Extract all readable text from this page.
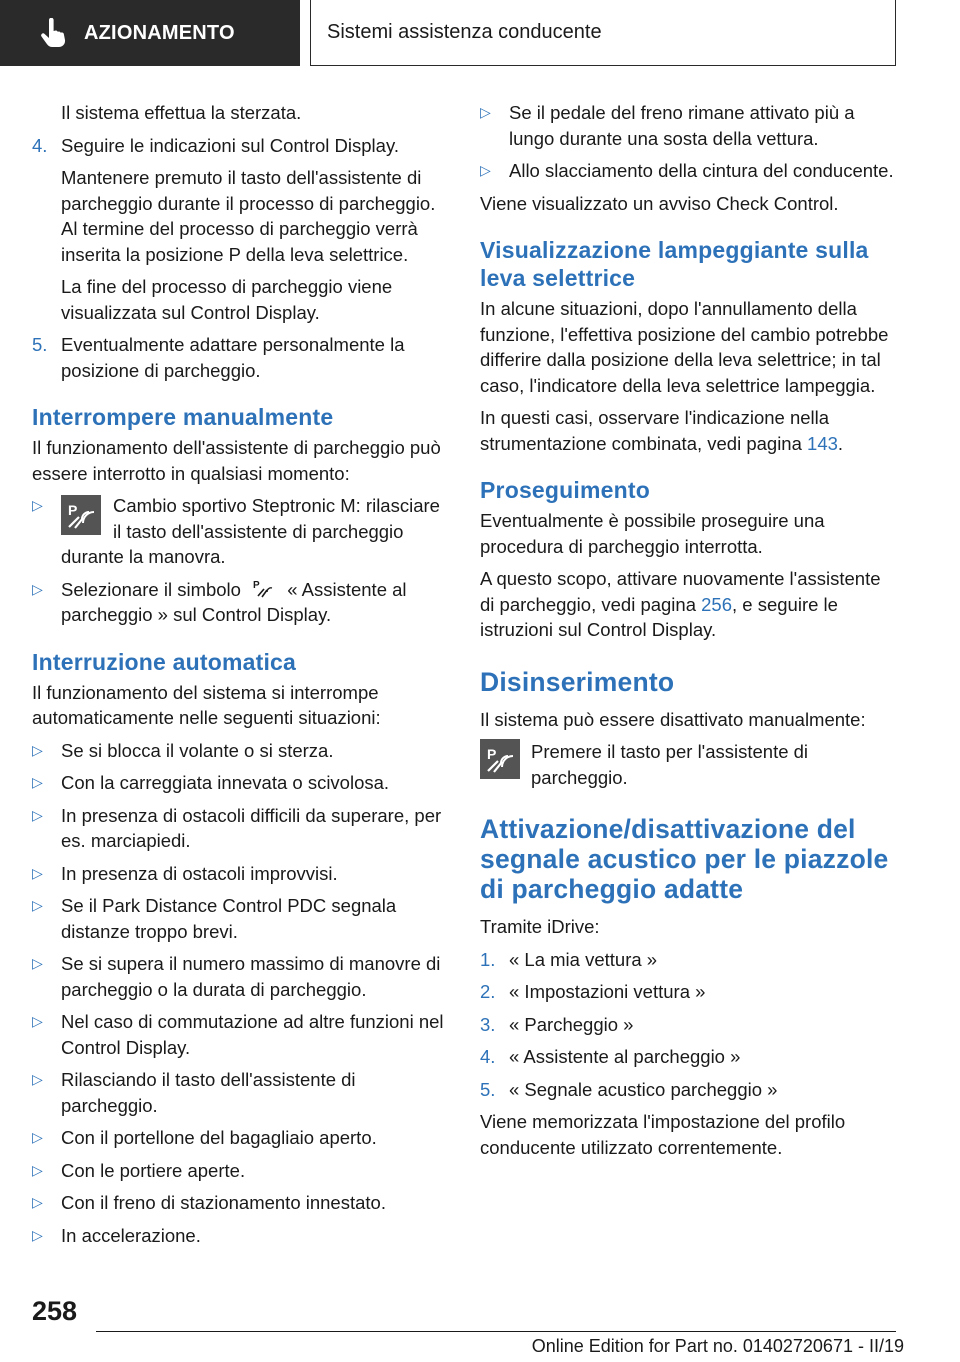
AZIONAMENTO	Sistemi assistenza conducente

Il sistema effettua la sterzata.

4. Seguire le indicazioni sul Control Display.

Mantenere premuto il tasto dell'assistente di parcheggio durante il processo di parcheggio. Al termine del processo di parcheggio verrà inserita la posizione P della leva selettrice.

La fine del processo di parcheggio viene visualizzata sul Control Display.

5. Eventualmente adattare personalmente la posizione di parcheggio.
Interrompere manualmente

Il funzionamento dell'assistente di parcheggio può essere interrotto in qualsiasi momento:

▷	P Cambio sportivo Steptronic M: rilasciare il tasto dell'assistente di parcheggio durante la manovra.
▷ Selezionare il simbolo P « Assistente al parcheggio » sul Control Display.
Interruzione automatica

Il funzionamento del sistema si interrompe automaticamente nelle seguenti situazioni:

▷ Se si blocca il volante o si sterza.
▷ Con la carreggiata innevata o scivolosa.
▷ In presenza di ostacoli difficili da superare, per es. marciapiedi.
▷ In presenza di ostacoli improvvisi.
▷ Se il Park Distance Control PDC segnala distanze troppo brevi.
▷ Se si supera il numero massimo di manovre di parcheggio o la durata di parcheggio.
▷ Nel caso di commutazione ad altre funzioni nel Control Display.
▷ Rilasciando il tasto dell'assistente di parcheggio.
▷ Con il portellone del bagagliaio aperto.
▷ Con le portiere aperte.
▷ Con il freno di stazionamento innestato.
▷ In accelerazione.
▷ Se il pedale del freno rimane attivato più a lungo durante una sosta della vettura.
▷ Allo slacciamento della cintura del conducente.

Viene visualizzato un avviso Check Control.

Visualizzazione lampeggiante sulla leva selettrice

In alcune situazioni, dopo l'annullamento della funzione, l'effettiva posizione del cambio potrebbe differire dalla posizione della leva selettrice; in tal caso, l'indicatore della leva selettrice lampeggia.

In questi casi, osservare l'indicazione nella strumentazione combinata, vedi pagina 143.

Proseguimento

Eventualmente è possibile proseguire una procedura di parcheggio interrotta.

A questo scopo, attivare nuovamente l'assistente di parcheggio, vedi pagina 256, e seguire le istruzioni sul Control Display.

Disinserimento

Il sistema può essere disattivato manualmente:

P	Premere il tasto per l'assistente di parcheggio.
Attivazione/disattivazione del segnale acustico per le piazzole di parcheggio adatte

Tramite iDrive:

1. « La mia vettura »
2. « Impostazioni vettura »
3. « Parcheggio »
4. « Assistente al parcheggio »
5. « Segnale acustico parcheggio »

Viene memorizzata l'impostazione del profilo conducente utilizzato correntemente.

258
Online Edition for Part no. 01402720671 - II/19
